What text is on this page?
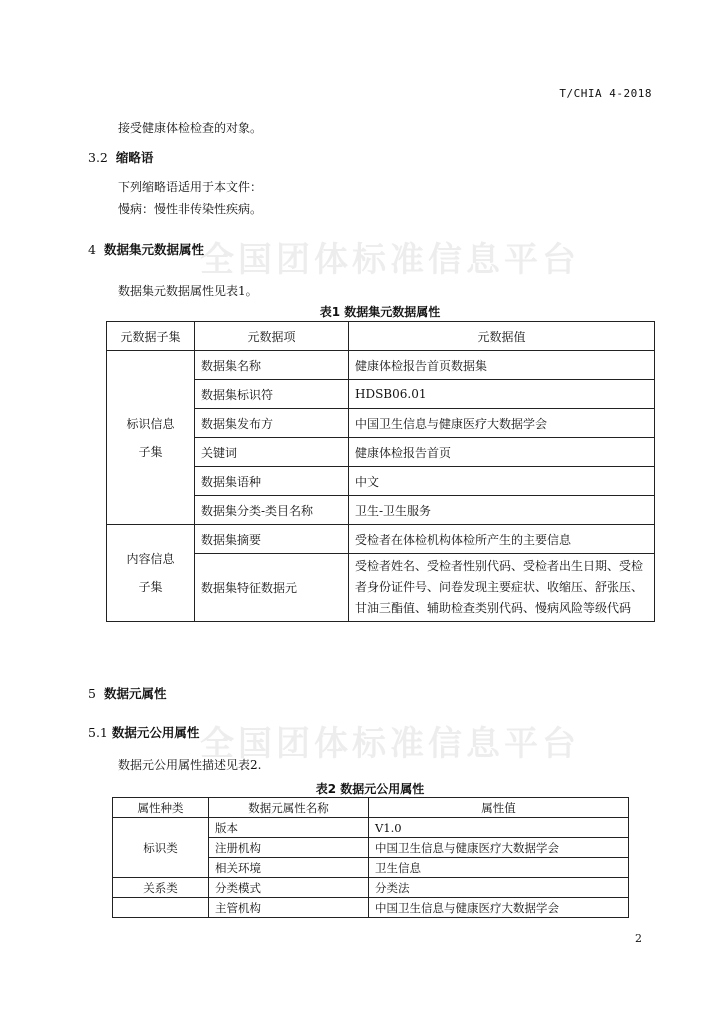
T/CHIA 4-2018
全国团体标准信息平台
全国团体标准信息平台
接受健康体检检查的对象。
3.2 缩略语
下列缩略语适用于本文件：
慢病：慢性非传染性疾病。
4 数据集元数据属性
数据集元数据属性见表1。
表1 数据集元数据属性
元数据子集	元数据项	元数据值
标识信息子集	数据集名称	健康体检报告首页数据集
	数据集标识符	HDSB06.01
	数据集发布方	中国卫生信息与健康医疗大数据学会
	关键词	健康体检报告首页
	数据集语种	中文
	数据集分类-类目名称	卫生-卫生服务
内容信息子集	数据集摘要	受检者在体检机构体检所产生的主要信息
	数据集特征数据元	受检者姓名、受检者性别代码、受检者出生日期、受检者身份证件号、问卷发现主要症状、收缩压、舒张压、甘油三酯值、辅助检查类别代码、慢病风险等级代码
5 数据元属性
5.1 数据元公用属性
数据元公用属性描述见表2.
表2 数据元公用属性
属性种类	数据元属性名称	属性值
标识类	版本	V1.0
	注册机构	中国卫生信息与健康医疗大数据学会
	相关环境	卫生信息
关系类	分类模式	分类法
	主管机构	中国卫生信息与健康医疗大数据学会
2
